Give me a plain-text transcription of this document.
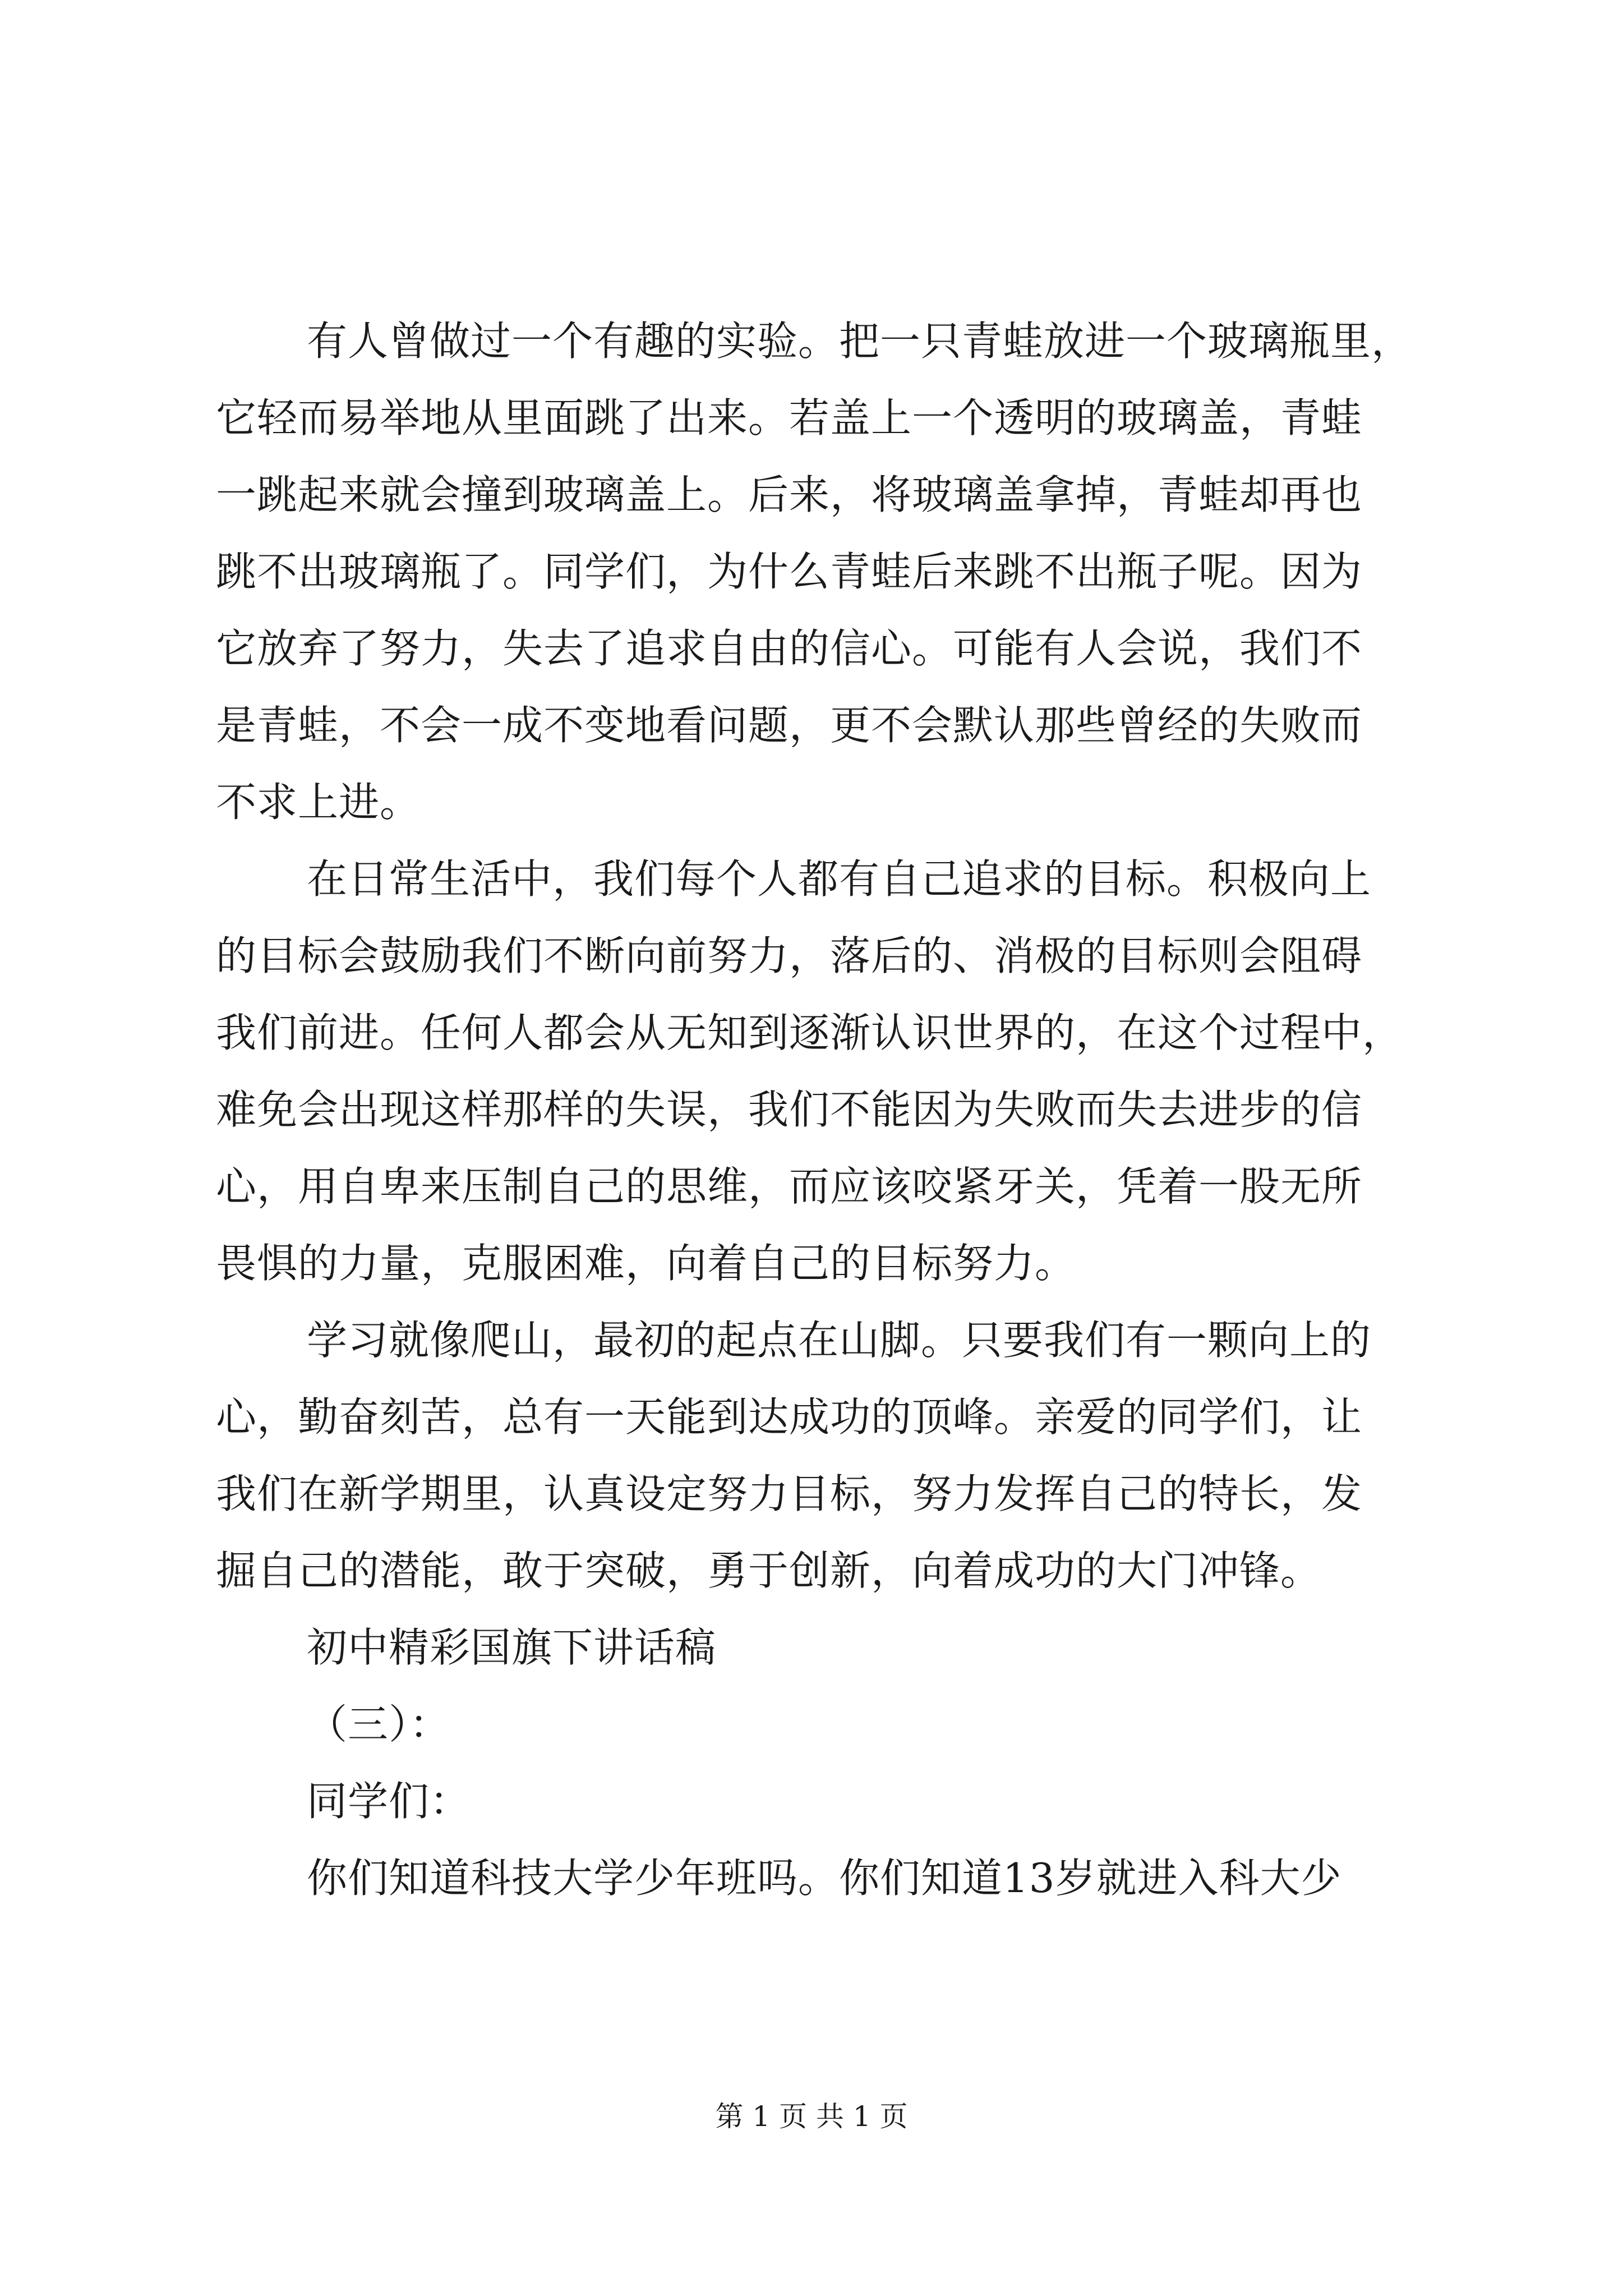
有人曾做过一个有趣的实验。把一只青蛙放进一个玻璃瓶里，
它轻而易举地从里面跳了出来。若盖上一个透明的玻璃盖，青蛙
一跳起来就会撞到玻璃盖上。后来，将玻璃盖拿掉，青蛙却再也
跳不出玻璃瓶了。同学们，为什么青蛙后来跳不出瓶子呢。因为
它放弃了努力，失去了追求自由的信心。可能有人会说，我们不
是青蛙，不会一成不变地看问题，更不会默认那些曾经的失败而
不求上进。
在日常生活中，我们每个人都有自己追求的目标。积极向上
的目标会鼓励我们不断向前努力，落后的、消极的目标则会阻碍
我们前进。任何人都会从无知到逐渐认识世界的，在这个过程中，
难免会出现这样那样的失误，我们不能因为失败而失去进步的信
心，用自卑来压制自己的思维，而应该咬紧牙关，凭着一股无所
畏惧的力量，克服困难，向着自己的目标努力。
学习就像爬山，最初的起点在山脚。只要我们有一颗向上的
心，勤奋刻苦，总有一天能到达成功的顶峰。亲爱的同学们，让
我们在新学期里，认真设定努力目标，努力发挥自己的特长，发
掘自己的潜能，敢于突破，勇于创新，向着成功的大门冲锋。
初中精彩国旗下讲话稿
（三）：
同学们：
你们知道科技大学少年班吗。你们知道13岁就进入科大少
第 1 页 共 1 页
